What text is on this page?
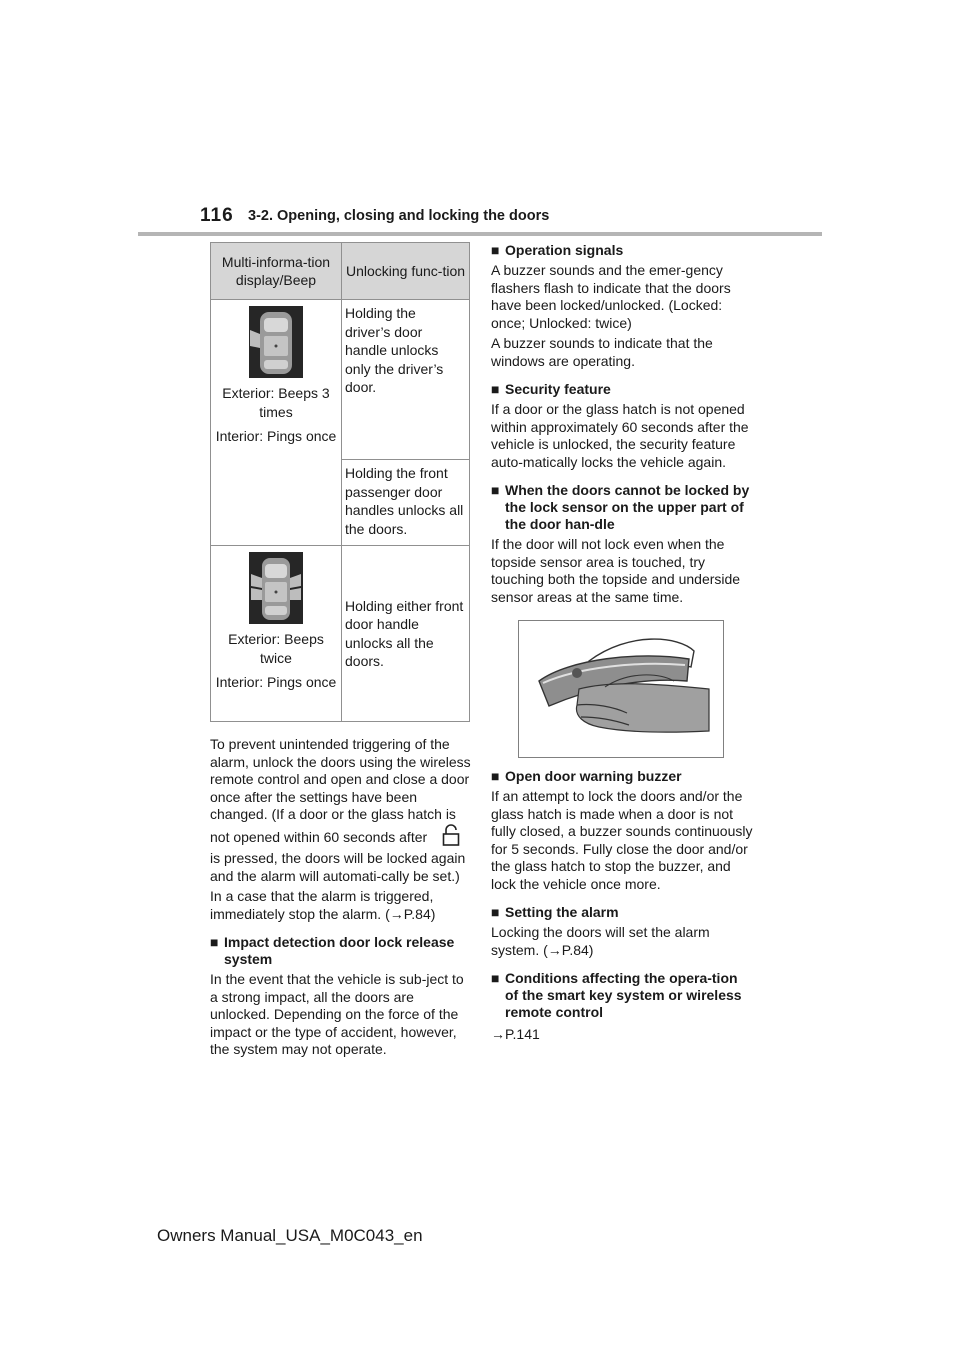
116 3-2. Opening, closing and locking the doors
Multi-informa-tion display/Beep	Unlocking func-tion

Exterior: Beeps 3 times

Interior: Pings once	Holding the driver’s door handle unlocks only the driver’s door.
	Holding the front passenger door handles unlocks all the doors.

Exterior: Beeps twice

Interior: Pings once	Holding either front door handle unlocks all the doors.

To prevent unintended triggering of the alarm, unlock the doors using the wireless remote control and open and close a door once after the settings have been changed. (If a door or the glass hatch is not opened within 60 seconds after  is pressed, the doors will be locked again and the alarm will automati-cally be set.)

In a case that the alarm is triggered, immediately stop the alarm. (→P.84)

■ Impact detection door lock release system

In the event that the vehicle is sub-ject to a strong impact, all the doors are unlocked. Depending on the force of the impact or the type of accident, however, the system may not operate.

■ Operation signals

A buzzer sounds and the emer-gency flashers flash to indicate that the doors have been locked/unlocked. (Locked: once; Unlocked: twice)

A buzzer sounds to indicate that the windows are operating.

■ Security feature

If a door or the glass hatch is not opened within approximately 60 seconds after the vehicle is unlocked, the security feature auto-matically locks the vehicle again.

■ When the doors cannot be locked by the lock sensor on the upper part of the door han-dle

If the door will not lock even when the topside sensor area is touched, try touching both the topside and underside sensor areas at the same time.

■ Open door warning buzzer

If an attempt to lock the doors and/or the glass hatch is made when a door is not fully closed, a buzzer sounds continuously for 5 seconds. Fully close the door and/or the glass hatch to stop the buzzer, and lock the vehicle once more.

■ Setting the alarm

Locking the doors will set the alarm system. (→P.84)

■ Conditions affecting the opera-tion of the smart key system or wireless remote control

→P.141

Owners Manual_USA_M0C043_en
